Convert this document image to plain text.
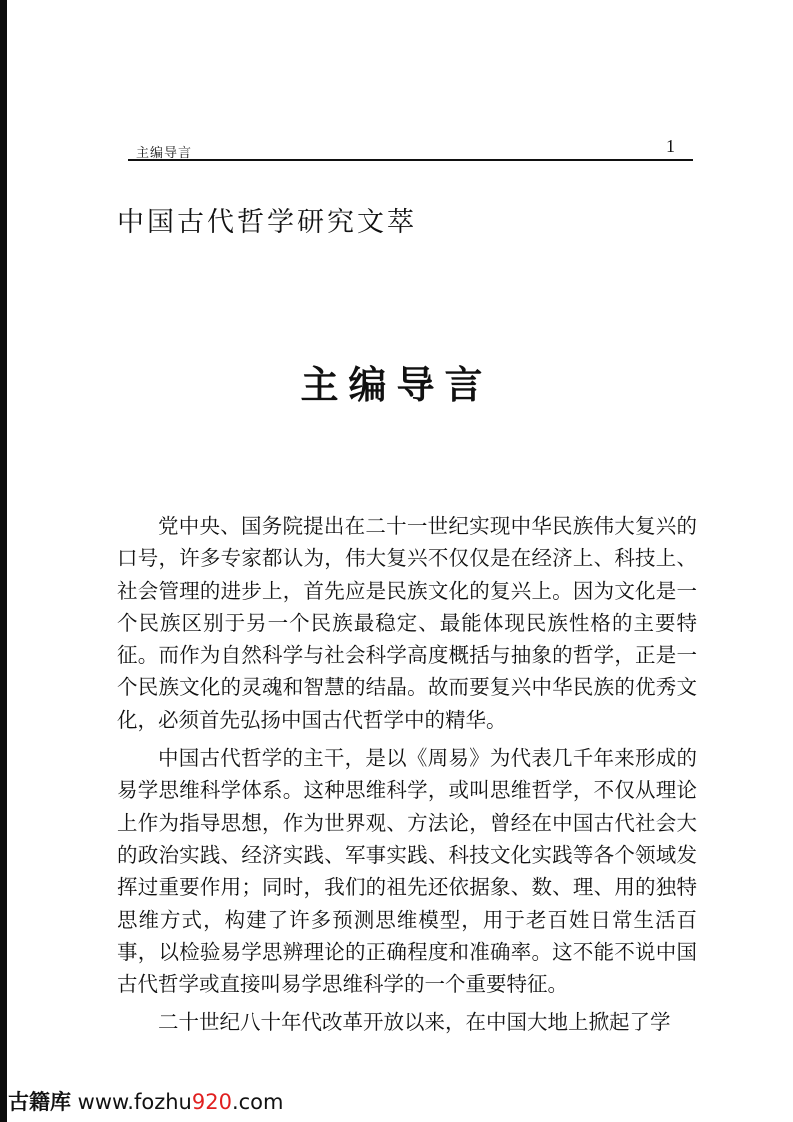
主编导言	1
中国古代哲学研究文萃
主编导言

党中央、国务院提出在二十一世纪实现中华民族伟大复兴的口号，许多专家都认为，伟大复兴不仅仅是在经济上、科技上、社会管理的进步上，首先应是民族文化的复兴上。因为文化是一个民族区别于另一个民族最稳定、最能体现民族性格的主要特征。而作为自然科学与社会科学高度概括与抽象的哲学，正是一个民族文化的灵魂和智慧的结晶。故而要复兴中华民族的优秀文化，必须首先弘扬中国古代哲学中的精华。

中国古代哲学的主干，是以《周易》为代表几千年来形成的易学思维科学体系。这种思维科学，或叫思维哲学，不仅从理论上作为指导思想，作为世界观、方法论，曾经在中国古代社会大的政治实践、经济实践、军事实践、科技文化实践等各个领域发挥过重要作用；同时，我们的祖先还依据象、数、理、用的独特思维方式，构建了许多预测思维模型，用于老百姓日常生活百事，以检验易学思辨理论的正确程度和准确率。这不能不说中国古代哲学或直接叫易学思维科学的一个重要特征。

二十世纪八十年代改革开放以来，在中国大地上掀起了学

古籍库 www.fozhu920.com
